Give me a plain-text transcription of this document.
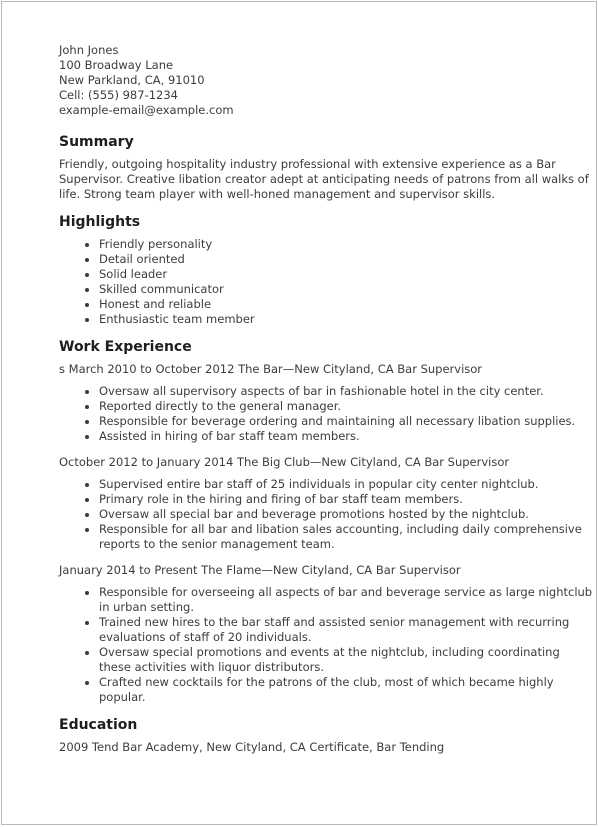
John Jones
100 Broadway Lane
New Parkland, CA, 91010
Cell: (555) 987-1234
example-email@example.com
Summary

Friendly, outgoing hospitality industry professional with extensive experience as a Bar Supervisor. Creative libation creator adept at anticipating needs of patrons from all walks of life. Strong team player with well-honed management and supervisor skills.

Highlights
• Friendly personality
• Detail oriented
• Solid leader
• Skilled communicator
• Honest and reliable
• Enthusiastic team member
Work Experience

s March 2010 to October 2012 The Bar—New Cityland, CA Bar Supervisor

• Oversaw all supervisory aspects of bar in fashionable hotel in the city center.
• Reported directly to the general manager.
• Responsible for beverage ordering and maintaining all necessary libation supplies.
• Assisted in hiring of bar staff team members.

October 2012 to January 2014 The Big Club—New Cityland, CA Bar Supervisor

• Supervised entire bar staff of 25 individuals in popular city center nightclub.
• Primary role in the hiring and firing of bar staff team members.
• Oversaw all special bar and beverage promotions hosted by the nightclub.
• Responsible for all bar and libation sales accounting, including daily comprehensive reports to the senior management team.

January 2014 to Present The Flame—New Cityland, CA Bar Supervisor

• Responsible for overseeing all aspects of bar and beverage service as large nightclub in urban setting.
• Trained new hires to the bar staff and assisted senior management with recurring evaluations of staff of 20 individuals.
• Oversaw special promotions and events at the nightclub, including coordinating these activities with liquor distributors.
• Crafted new cocktails for the patrons of the club, most of which became highly popular.
Education

2009 Tend Bar Academy, New Cityland, CA Certificate, Bar Tending
